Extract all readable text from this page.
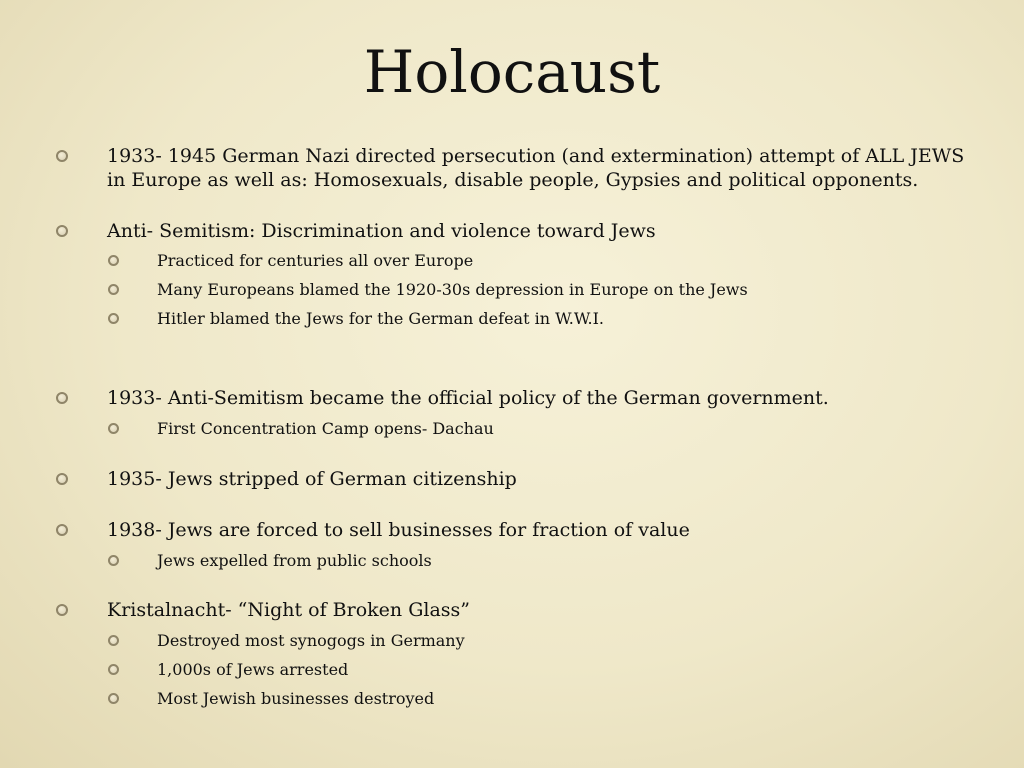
Holocaust
1933- 1945 German Nazi directed persecution (and extermination) attempt of ALL JEWS in Europe as well as: Homosexuals, disable people, Gypsies and political opponents.
Anti- Semitism: Discrimination and violence toward Jews
Practiced for centuries all over Europe
Many Europeans blamed the 1920-30s depression in Europe on the Jews
Hitler blamed the Jews for the German defeat in W.W.I.
1933- Anti-Semitism became the official policy of the German government.
First Concentration Camp opens- Dachau
1935- Jews stripped of German citizenship
1938- Jews are forced to sell businesses for fraction of value
Jews expelled from public schools
Kristalnacht- “Night of Broken Glass”
Destroyed most synogogs in Germany
1,000s of Jews arrested
Most Jewish businesses destroyed
